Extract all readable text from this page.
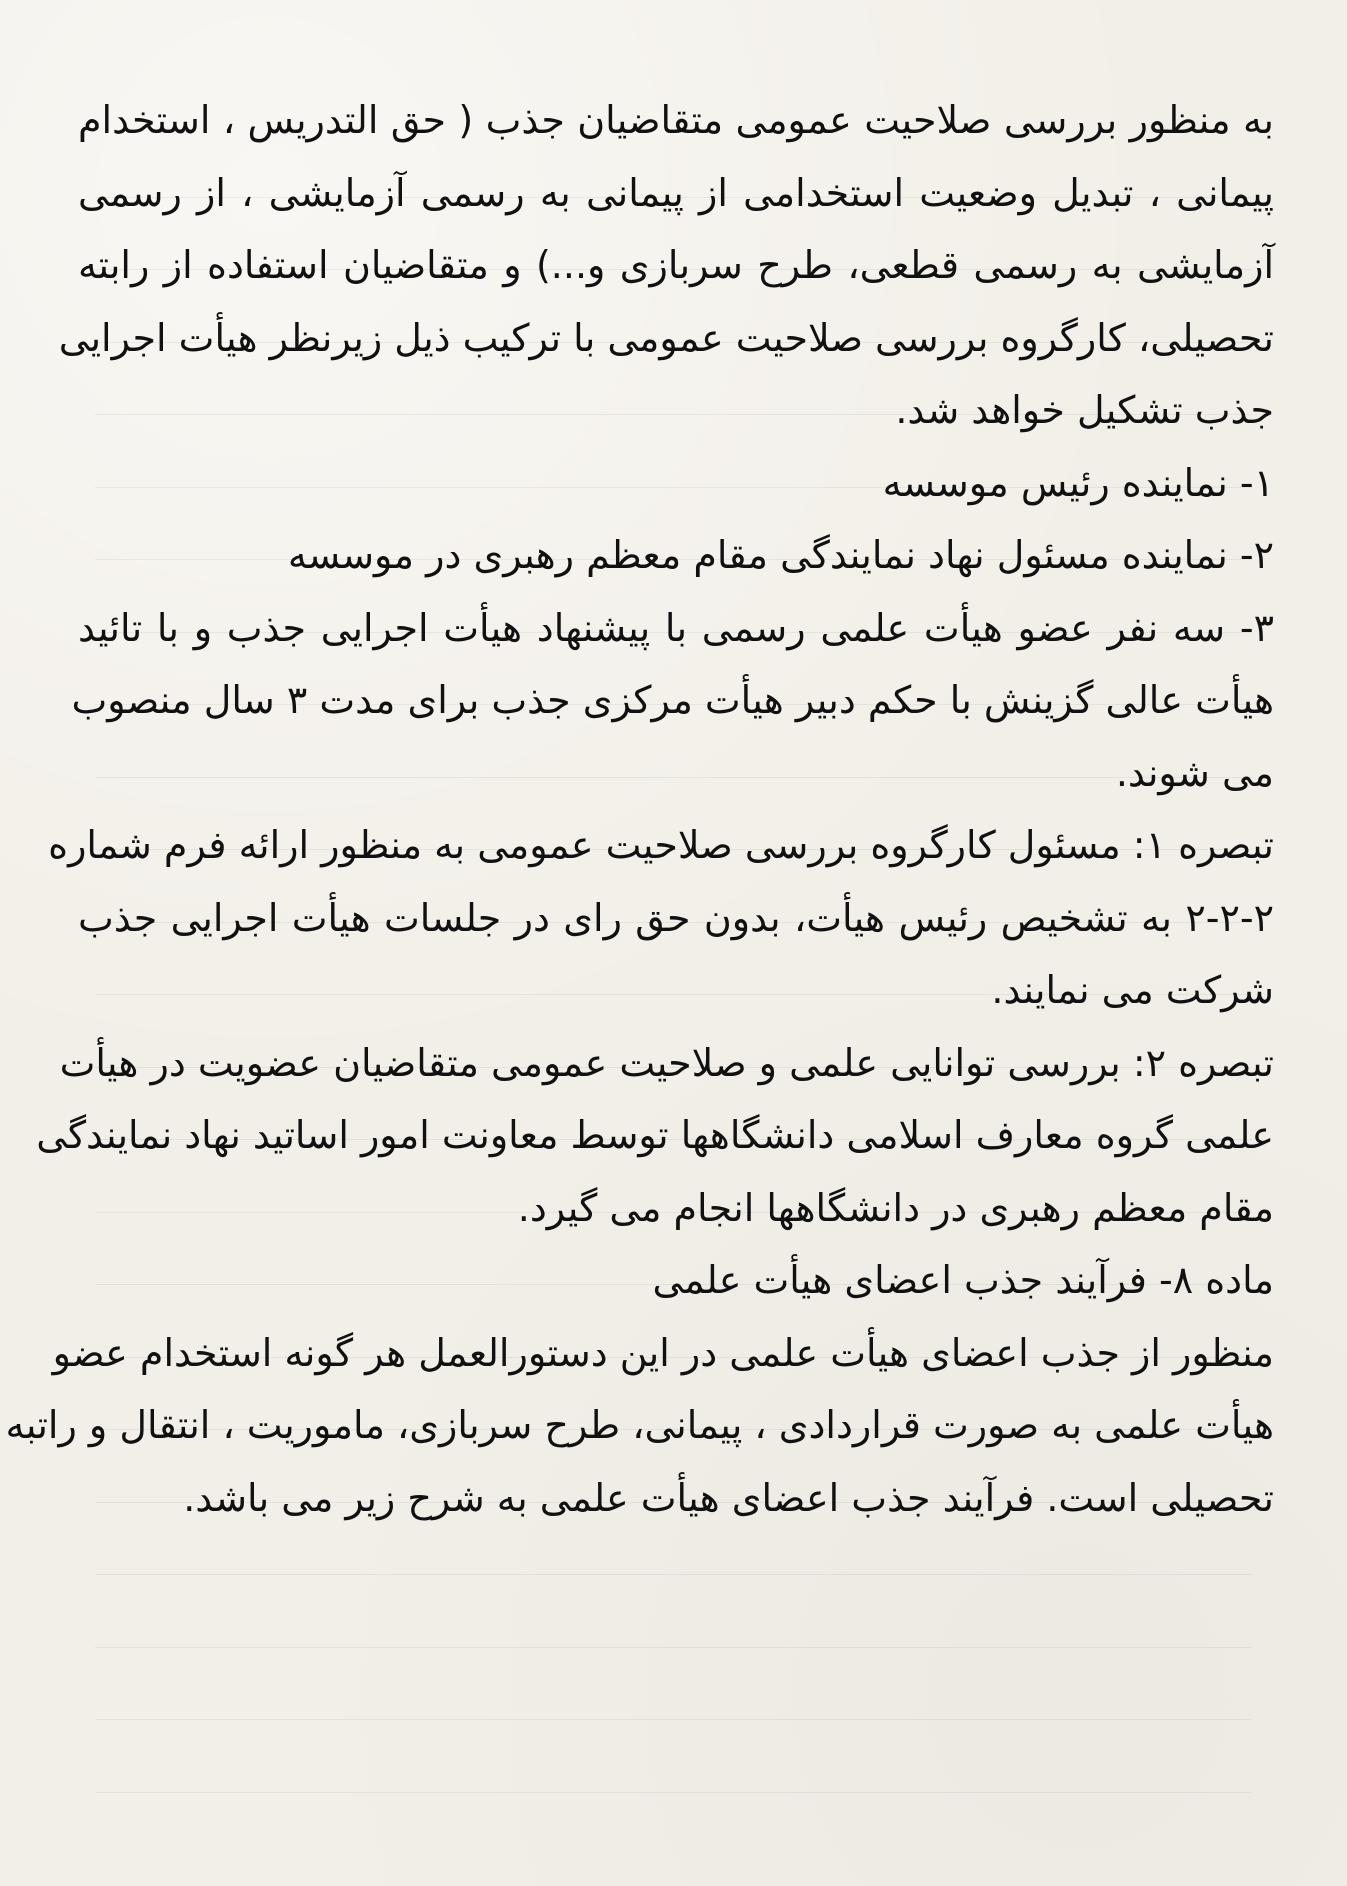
به منظور بررسی صلاحیت عمومی متقاضیان جذب ( حق التدریس ، استخدام
پیمانی ، تبدیل وضعیت استخدامی از پیمانی به رسمی آزمایشی ، از رسمی
آزمایشی به رسمی قطعی، طرح سربازی و...) و متقاضیان استفاده از رابته
تحصیلی، کارگروه بررسی صلاحیت عمومی با ترکیب ذیل زیرنظر هیأت اجرایی
جذب تشکیل خواهد شد.
۱- نماینده رئیس موسسه
۲- نماینده مسئول نهاد نمایندگی مقام معظم رهبری در موسسه
۳- سه نفر عضو هیأت علمی رسمی با پیشنهاد هیأت اجرایی جذب و با تائید
هیأت عالی گزینش با حکم دبیر هیأت مرکزی جذب برای مدت ۳ سال منصوب
می شوند.
تبصره ۱: مسئول کارگروه بررسی صلاحیت عمومی به منظور ارائه فرم شماره
۲-۲-۲ به تشخیص رئیس هیأت، بدون حق رای در جلسات هیأت اجرایی جذب
شرکت می نمایند.
تبصره ۲: بررسی توانایی علمی و صلاحیت عمومی متقاضیان عضویت در هیأت
علمی گروه معارف اسلامی دانشگاهها توسط معاونت امور اساتید نهاد نمایندگی
مقام معظم رهبری در دانشگاهها انجام می گیرد.
ماده ۸- فرآیند جذب اعضای هیأت علمی
منظور از جذب اعضای هیأت علمی در این دستورالعمل هر گونه استخدام عضو
هیأت علمی به صورت قراردادی ، پیمانی، طرح سربازی، ماموریت ، انتقال و راتبه
تحصیلی است. فرآیند جذب اعضای هیأت علمی به شرح زیر می باشد.
